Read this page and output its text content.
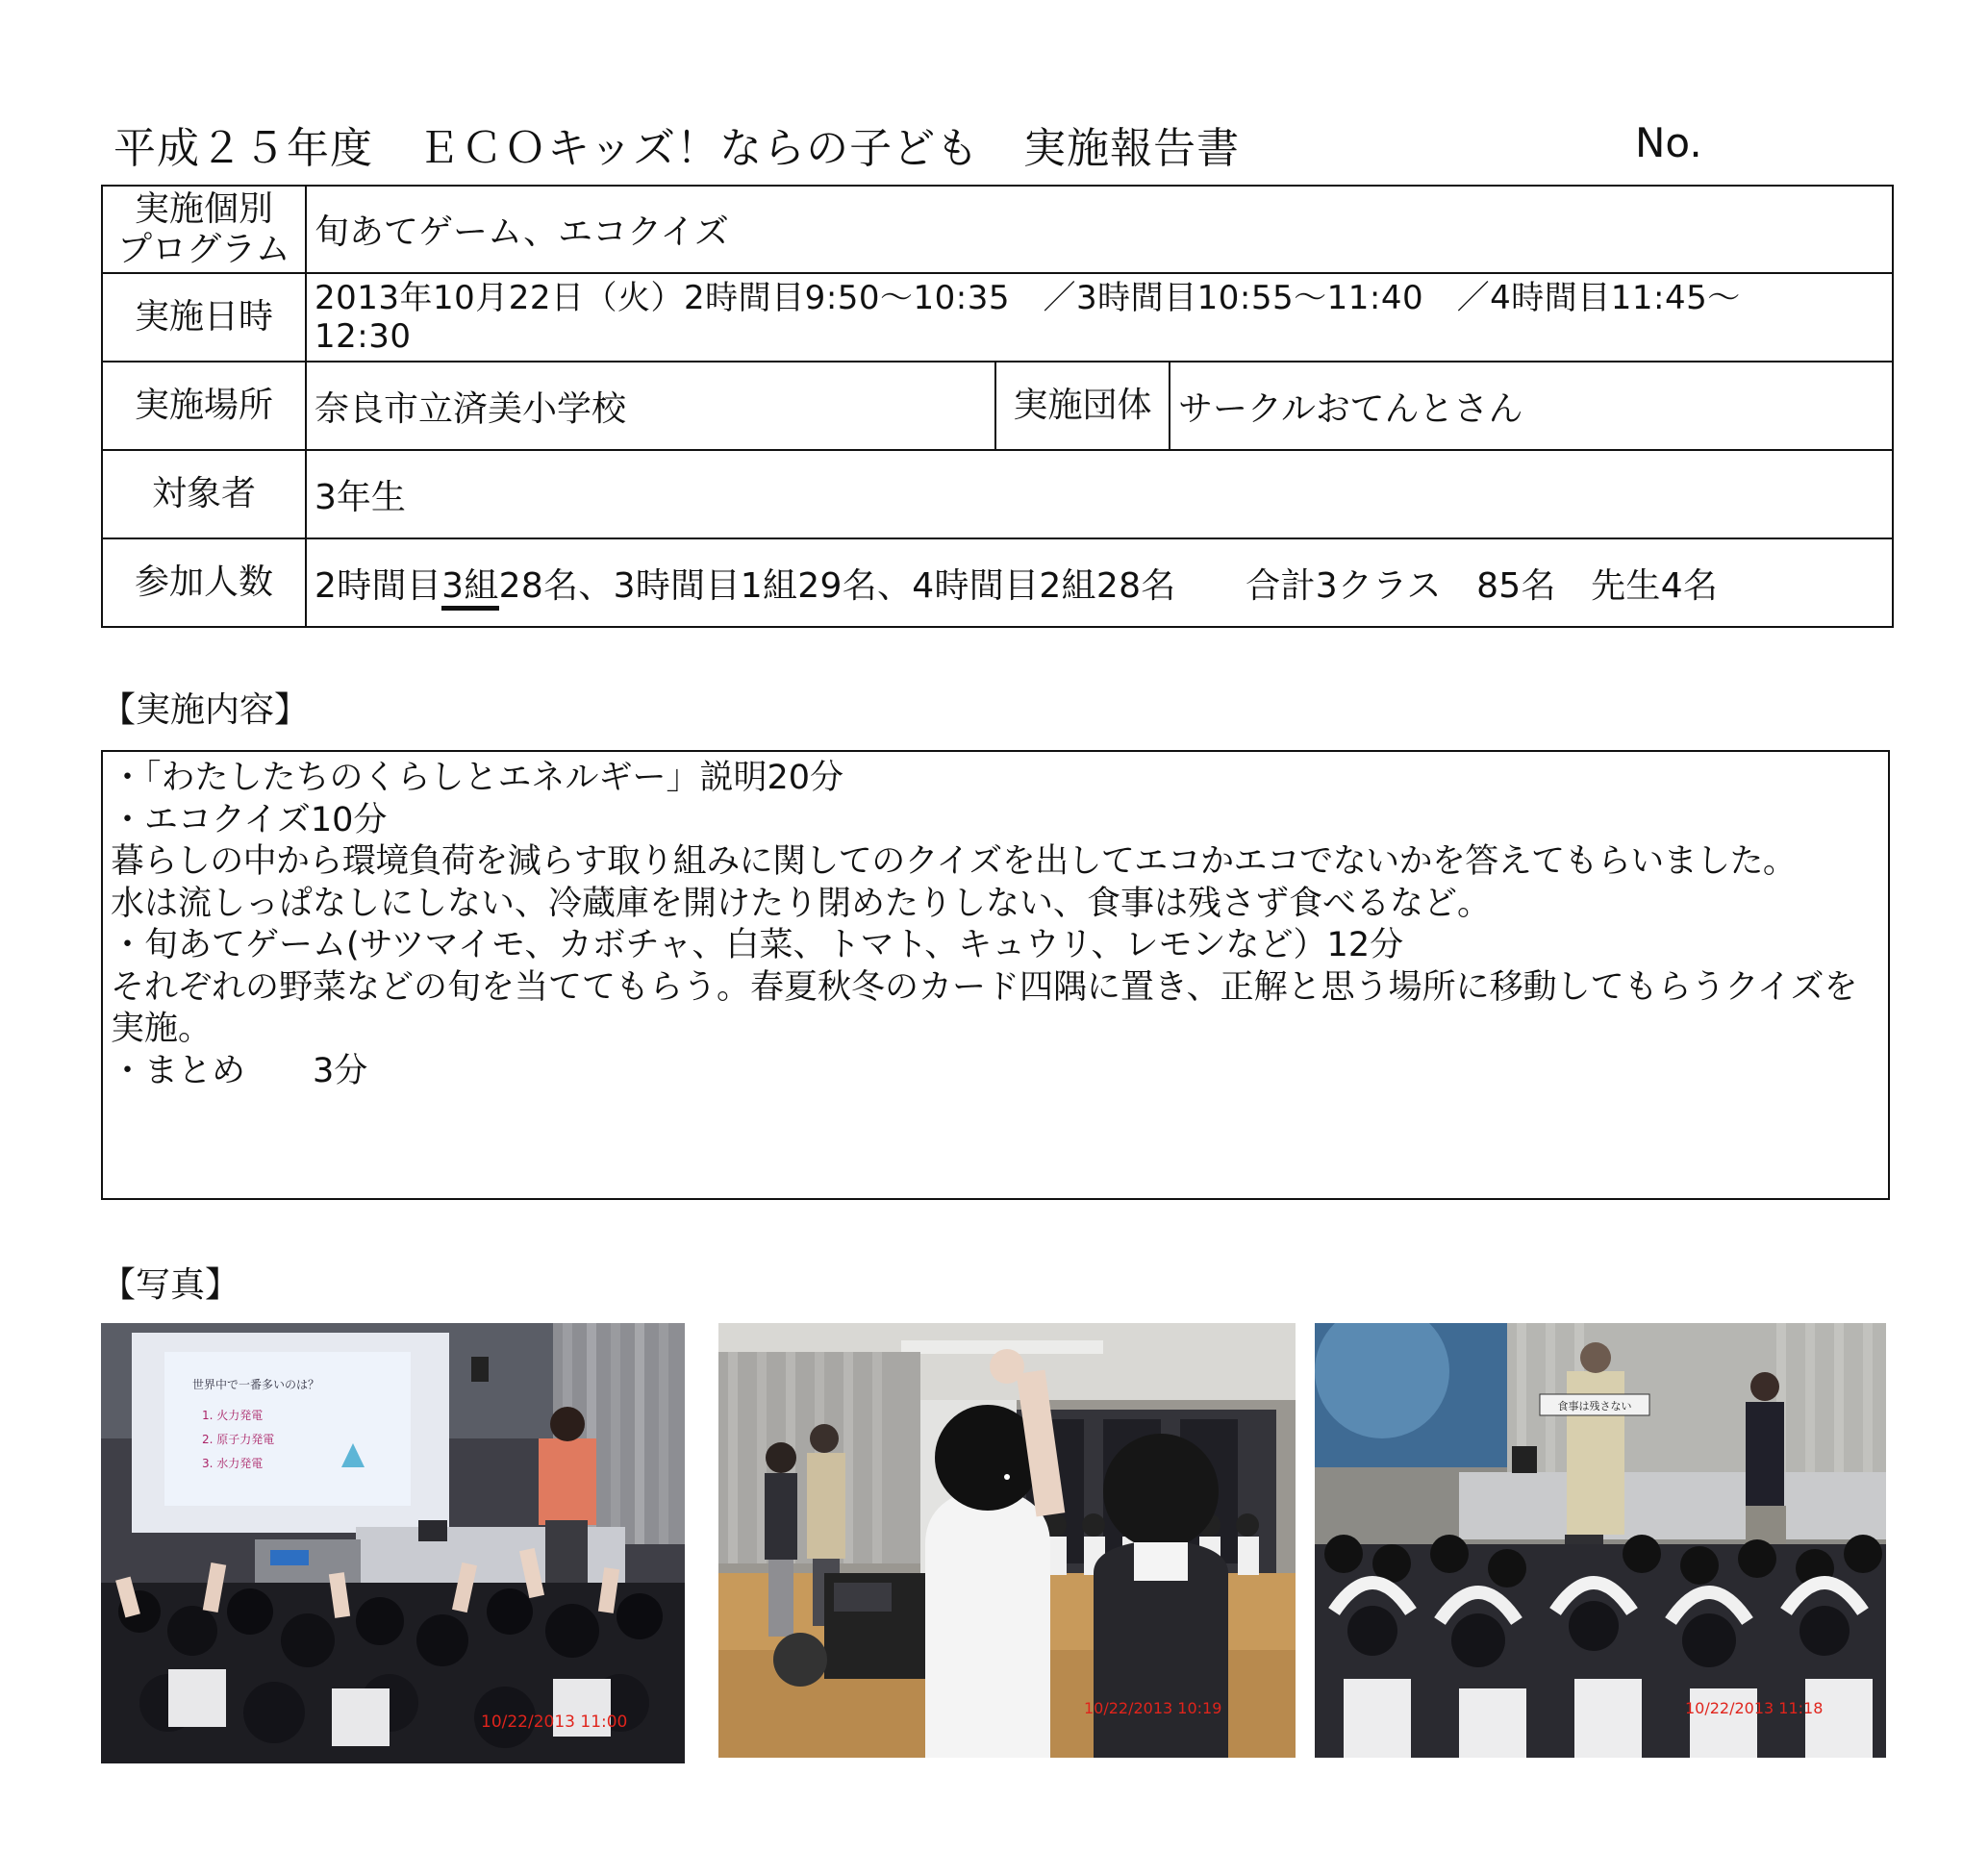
平成２５年度 ＥＣＯキッズ！ならの子ども 実施報告書	No.
実施個別
プログラム	旬あてゲーム、エコクイズ		
実施日時	2013年10月22日（火）2時間目9:50～10:35　／3時間目10:55～11:40　／4時間目11:45～
12:30		
実施場所	奈良市立済美小学校	実施団体	サークルおてんとさん
対象者	3年生		
参加人数	2時間目3組28名、3時間目1組29名、4時間目2組28名　　合計3クラス　85名　先生4名		
【実施内容】
・「わたしたちのくらしとエネルギー」説明20分
・エコクイズ10分
暮らしの中から環境負荷を減らす取り組みに関してのクイズを出してエコかエコでないかを答えてもらいました。
水は流しっぱなしにしない、冷蔵庫を開けたり閉めたりしない、食事は残さず食べるなど。
・旬あてゲーム(サツマイモ、カボチャ、白菜、トマト、キュウリ、レモンなど）12分
それぞれの野菜などの旬を当ててもらう。春夏秋冬のカード四隅に置き、正解と思う場所に移動してもらうクイズを実施。
・まとめ　　3分
【写真】
世界中で一番多いのは？
1. 火力発電
2. 原子力発電
3. 水力発電
10/22/2013 11:00
10/22/2013 10:19
食事は残さない
10/22/2013 11:18
